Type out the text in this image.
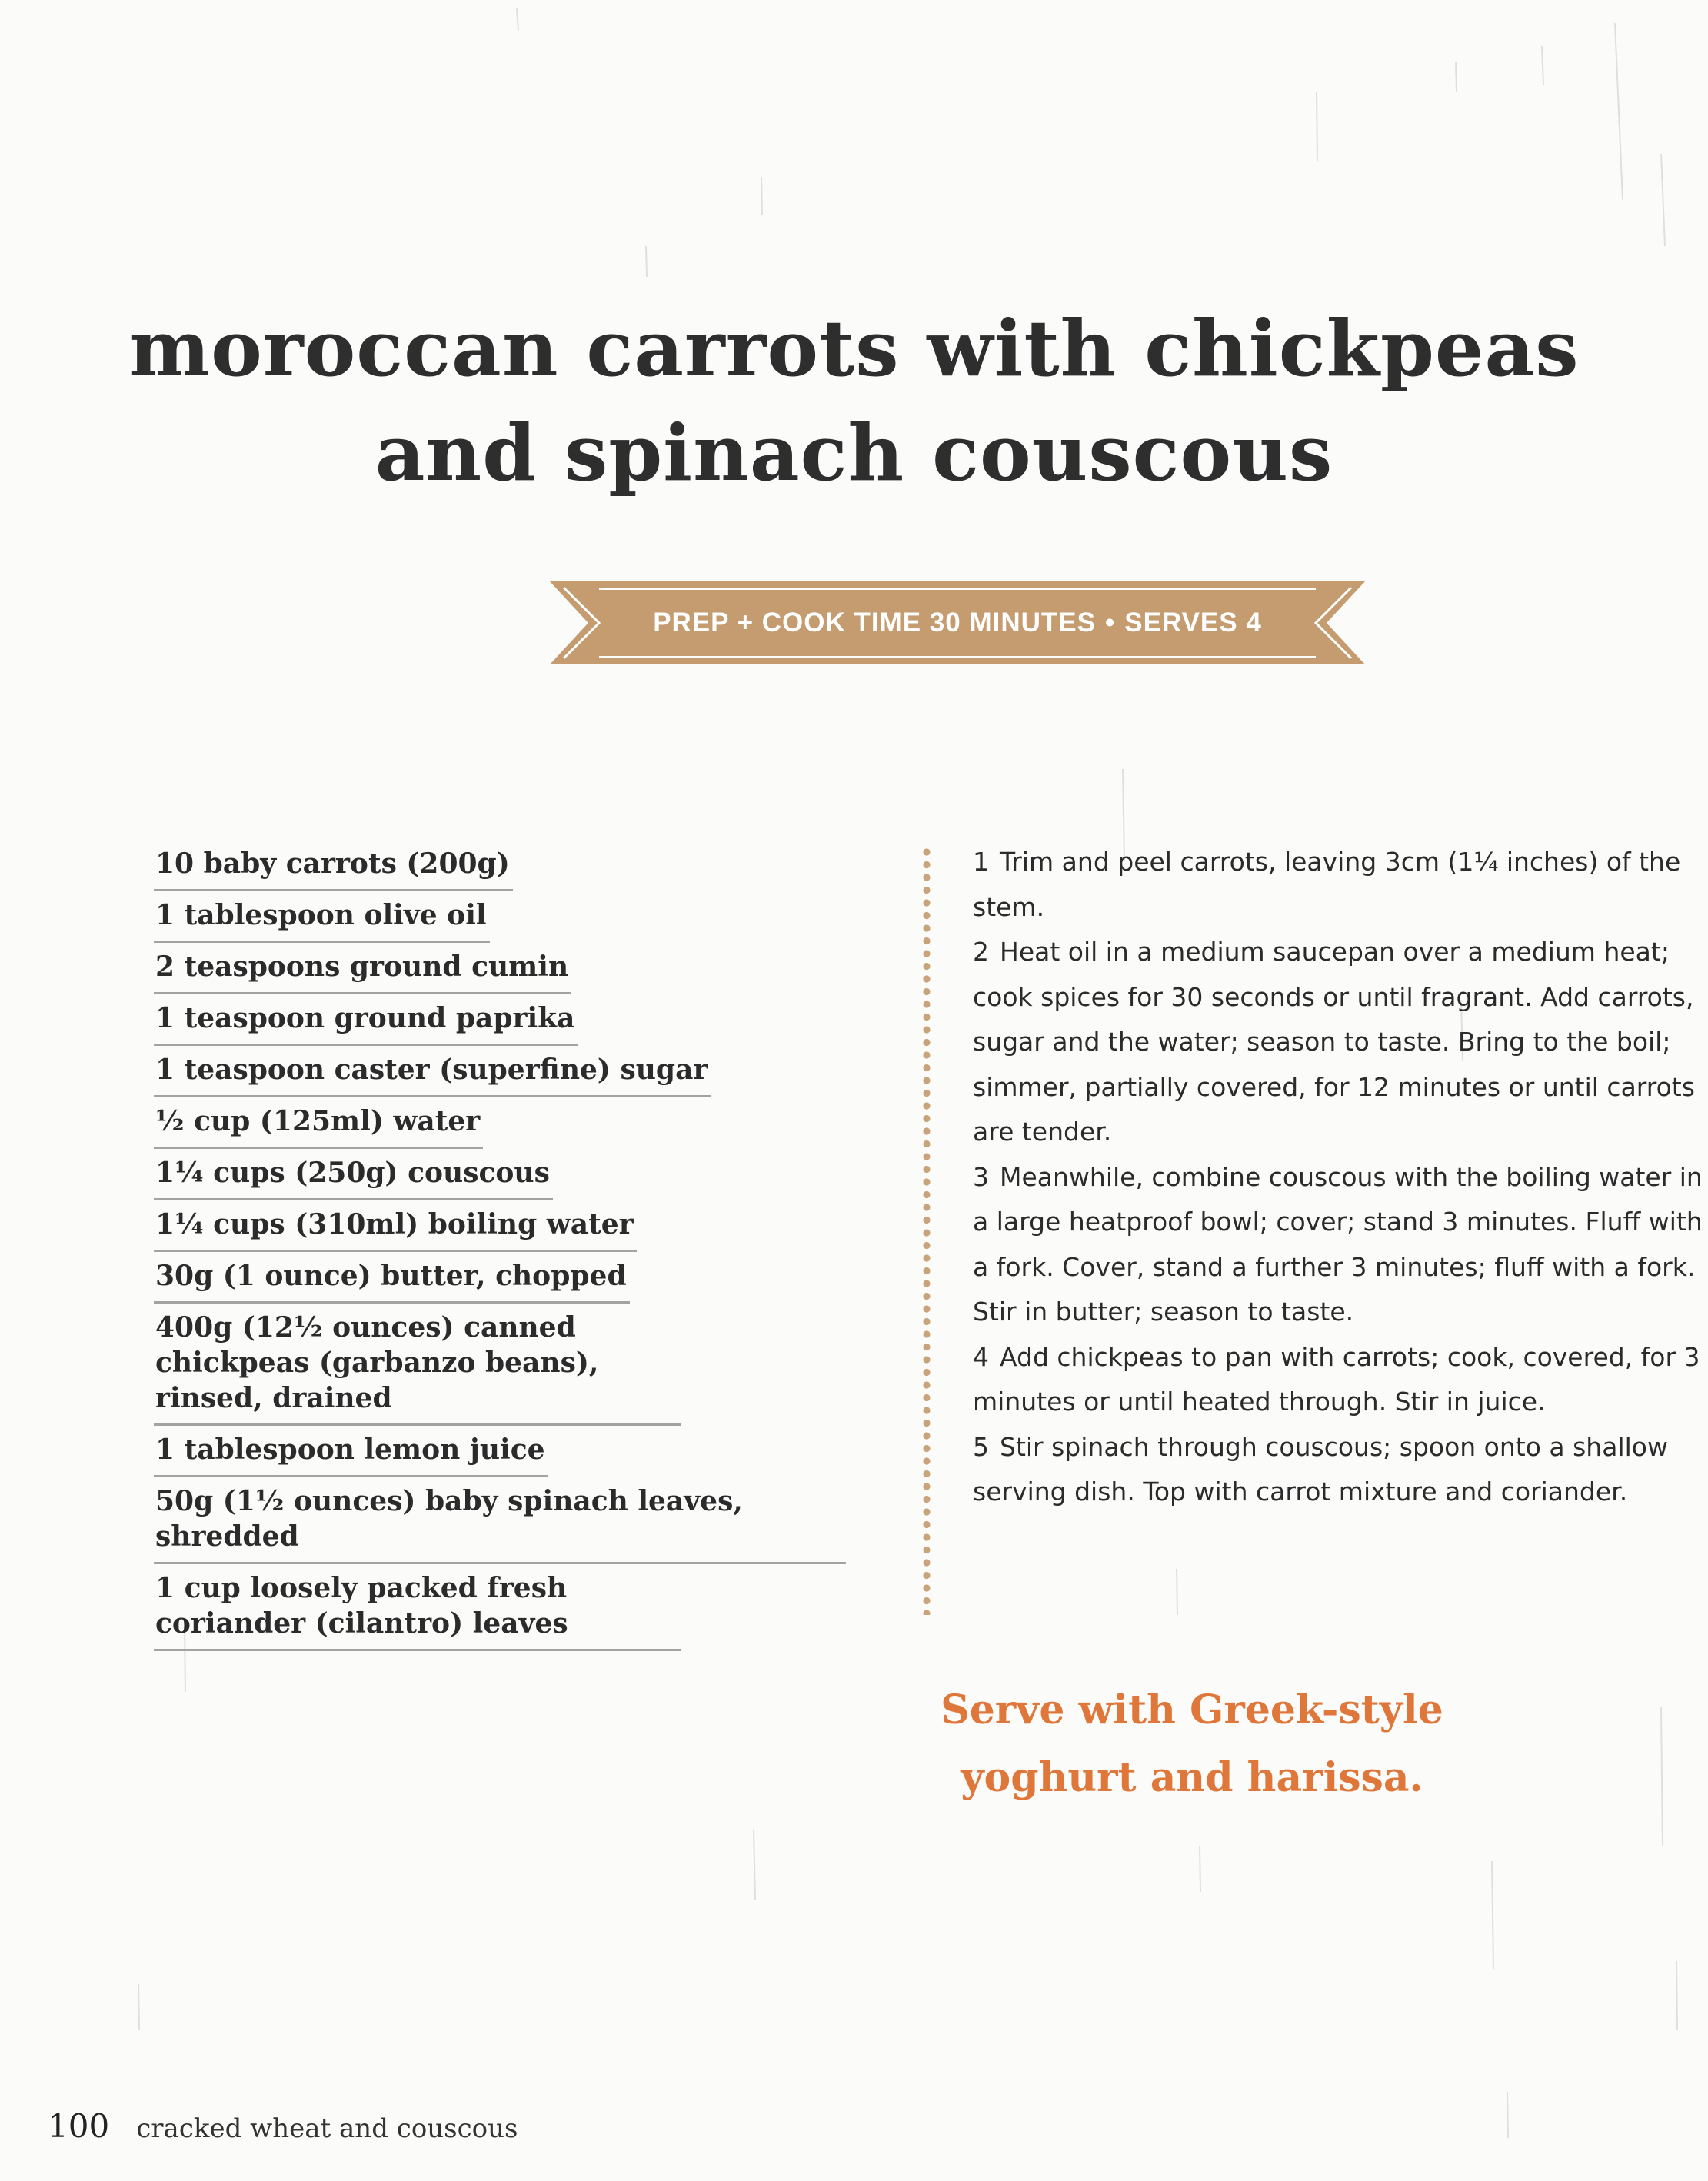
moroccan carrots with chickpeas
and spinach couscous
PREP + COOK TIME 30 MINUTES • SERVES 4
10 baby carrots (200g)
1 tablespoon olive oil
2 teaspoons ground cumin
1 teaspoon ground paprika
1 teaspoon caster (superfine) sugar
½ cup (125ml) water
1¼ cups (250g) couscous
1¼ cups (310ml) boiling water
30g (1 ounce) butter, chopped
400g (12½ ounces) canned chickpeas (garbanzo beans), rinsed, drained
1 tablespoon lemon juice
50g (1½ ounces) baby spinach leaves, shredded
1 cup loosely packed fresh coriander (cilantro) leaves
1 Trim and peel carrots, leaving 3cm (1¼ inches) of the stem.
2 Heat oil in a medium saucepan over a medium heat; cook spices for 30 seconds or until fragrant. Add carrots, sugar and the water; season to taste. Bring to the boil; simmer, partially covered, for 12 minutes or until carrots are tender.
3 Meanwhile, combine couscous with the boiling water in a large heatproof bowl; cover; stand 3 minutes. Fluff with a fork. Cover, stand a further 3 minutes; fluff with a fork. Stir in butter; season to taste.
4 Add chickpeas to pan with carrots; cook, covered, for 3 minutes or until heated through. Stir in juice.
5 Stir spinach through couscous; spoon onto a shallow serving dish. Top with carrot mixture and coriander.

Serve with Greek-style
yoghurt and harissa.

100 cracked wheat and couscous
